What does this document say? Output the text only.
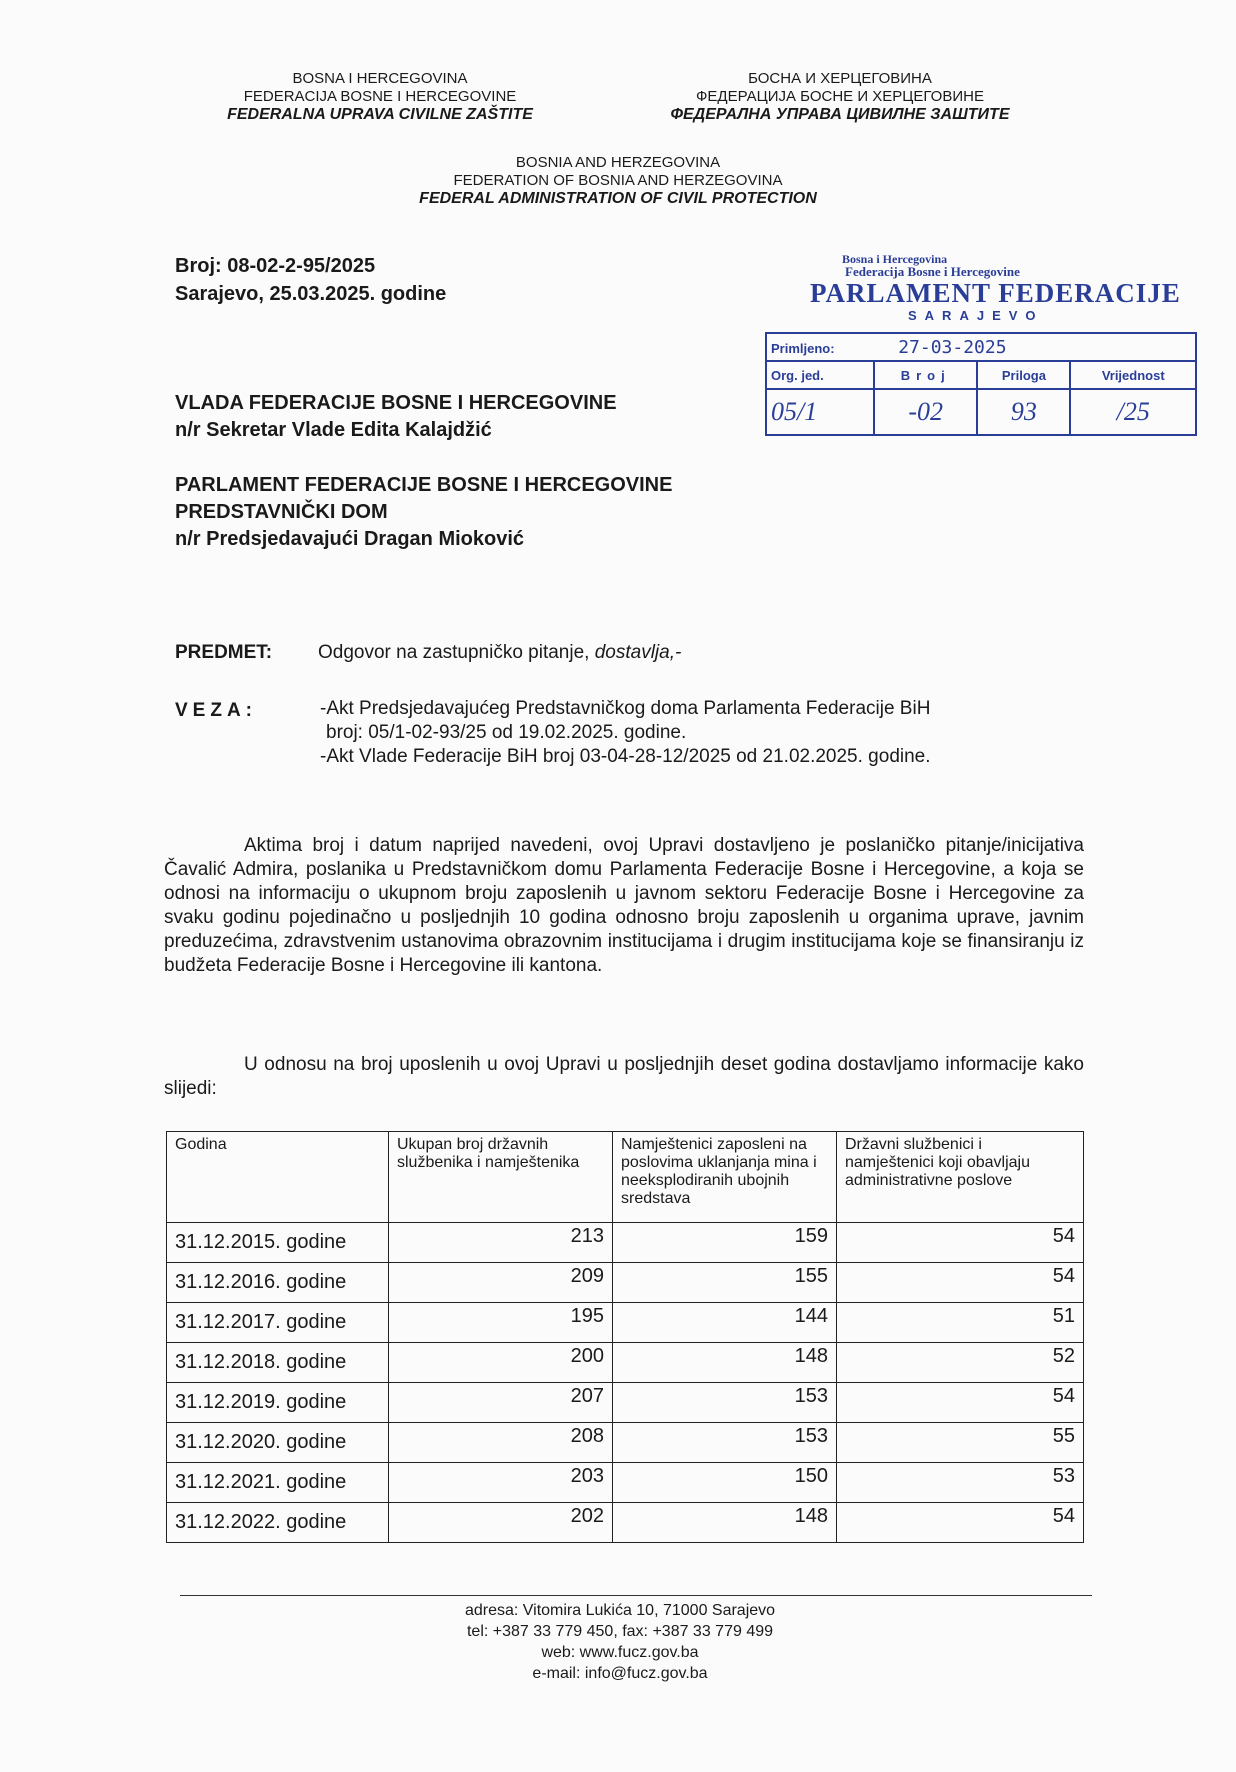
BOSNA I HERCEGOVINA
FEDERACIJA BOSNE I HERCEGOVINE
FEDERALNA UPRAVA CIVILNE ZAŠTITE
БОСНА И ХЕРЦЕГОВИНА
ФЕДЕРАЦИЈА БОСНЕ И ХЕРЦЕГОВИНЕ
ФЕДЕРАЛНА УПРАВА ЦИВИЛНЕ ЗАШТИТЕ
BOSNIA AND HERZEGOVINA
FEDERATION OF BOSNIA AND HERZEGOVINA
FEDERAL ADMINISTRATION OF CIVIL PROTECTION
Broj: 08-02-2-95/2025
Sarajevo, 25.03.2025. godine
Bosna i Hercegovina
Federacija Bosne i Hercegovine
PARLAMENT FEDERACIJE
SARAJEVO
Primljeno: 27-03-2025			
Org. jed.	Broj	Priloga	Vrijednost
05/1	-02	93	/25
VLADA FEDERACIJE BOSNE I HERCEGOVINE
n/r Sekretar Vlade Edita Kalajdžić
PARLAMENT FEDERACIJE BOSNE I HERCEGOVINE
PREDSTAVNIČKI DOM
n/r Predsjedavajući Dragan Mioković
PREDMET: Odgovor na zastupničko pitanje, dostavlja,-
VEZA:	-Akt Predsjedavajućeg Predstavničkog doma Parlamenta Federacije BiH
broj: 05/1-02-93/25 od 19.02.2025. godine.
-Akt Vlade Federacije BiH broj 03-04-28-12/2025 od 21.02.2025. godine.
Aktima broj i datum naprijed navedeni, ovoj Upravi dostavljeno je poslaničko pitanje/inicijativa Čavalić Admira, poslanika u Predstavničkom domu Parlamenta Federacije Bosne i Hercegovine, a koja se odnosi na informaciju o ukupnom broju zaposlenih u javnom sektoru Federacije Bosne i Hercegovine za svaku godinu pojedinačno u posljednjih 10 godina odnosno broju zaposlenih u organima uprave, javnim preduzećima, zdravstvenim ustanovima obrazovnim institucijama i drugim institucijama koje se finansiranju iz budžeta Federacije Bosne i Hercegovine ili kantona.
U odnosu na broj uposlenih u ovoj Upravi u posljednjih deset godina dostavljamo informacije kako slijedi:
Godina	Ukupan broj državnih službenika i namještenika	Namještenici zaposleni na poslovima uklanjanja mina i neeksplodiranih ubojnih sredstava	Državni službenici i namještenici koji obavljaju administrativne poslove
31.12.2015. godine	213	159	54
31.12.2016. godine	209	155	54
31.12.2017. godine	195	144	51
31.12.2018. godine	200	148	52
31.12.2019. godine	207	153	54
31.12.2020. godine	208	153	55
31.12.2021. godine	203	150	53
31.12.2022. godine	202	148	54
adresa: Vitomira Lukića 10, 71000 Sarajevo
tel: +387 33 779 450, fax: +387 33 779 499
web: www.fucz.gov.ba
e-mail: info@fucz.gov.ba
